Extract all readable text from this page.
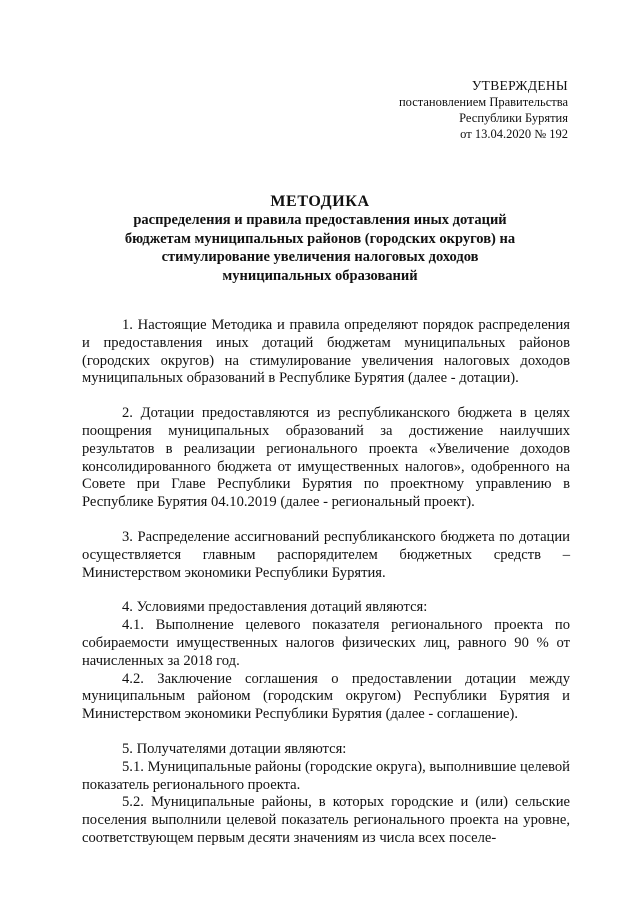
УТВЕРЖДЕНЫ
постановлением Правительства
Республики Бурятия
от 13.04.2020 № 192
МЕТОДИКА
распределения и правила предоставления иных дотаций
бюджетам муниципальных районов (городских округов) на
стимулирование увеличения налоговых доходов
муниципальных образований

1. Настоящие Методика и правила определяют порядок распределения и предоставления иных дотаций бюджетам муниципальных районов (городских округов) на стимулирование увеличения налоговых доходов муниципальных образований в Республике Бурятия (далее - дотации).

2. Дотации предоставляются из республиканского бюджета в целях поощрения муниципальных образований за достижение наилучших результатов в реализации регионального проекта «Увеличение доходов консолидированного бюджета от имущественных налогов», одобренного на Совете при Главе Республики Бурятия по проектному управлению в Республике Бурятия 04.10.2019 (далее - региональный проект).

3. Распределение ассигнований республиканского бюджета по дотации осуществляется главным распорядителем бюджетных средств – Министерством экономики Республики Бурятия.

4. Условиями предоставления дотаций являются:

4.1. Выполнение целевого показателя регионального проекта по собираемости имущественных налогов физических лиц, равного 90 % от начисленных за 2018 год.

4.2. Заключение соглашения о предоставлении дотации между муниципальным районом (городским округом) Республики Бурятия и Министерством экономики Республики Бурятия (далее - соглашение).

5. Получателями дотации являются:

5.1. Муниципальные районы (городские округа), выполнившие целевой показатель регионального проекта.

5.2. Муниципальные районы, в которых городские и (или) сельские поселения выполнили целевой показатель регионального проекта на уровне, соответствующем первым десяти значениям из числа всех поселе-
